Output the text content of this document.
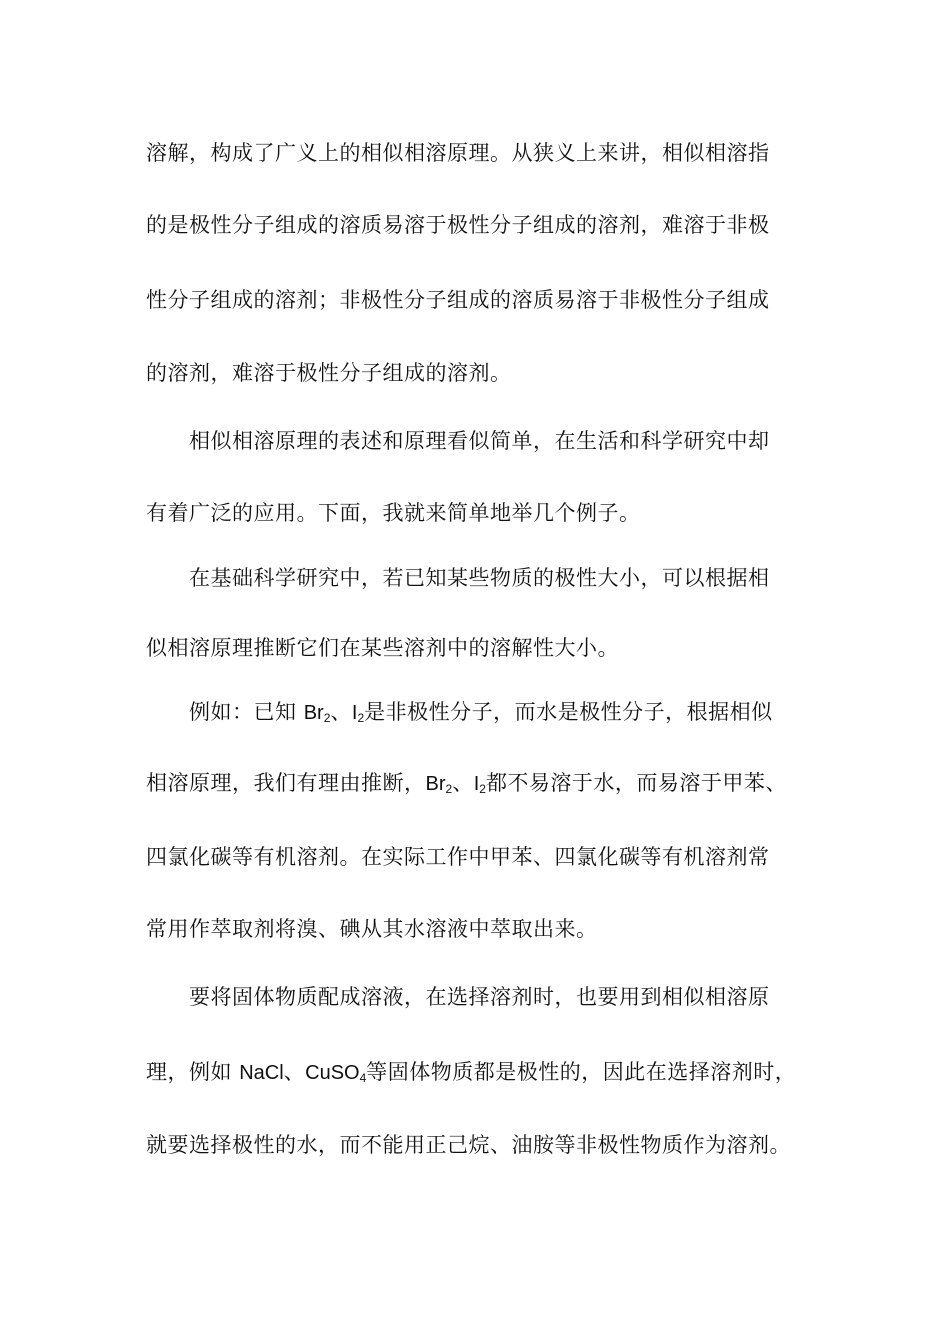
溶解，构成了广义上的相似相溶原理。从狭义上来讲，相似相溶指
的是极性分子组成的溶质易溶于极性分子组成的溶剂，难溶于非极
性分子组成的溶剂；非极性分子组成的溶质易溶于非极性分子组成
的溶剂，难溶于极性分子组成的溶剂。
相似相溶原理的表述和原理看似简单，在生活和科学研究中却
有着广泛的应用。下面，我就来简单地举几个例子。
在基础科学研究中，若已知某些物质的极性大小，可以根据相
似相溶原理推断它们在某些溶剂中的溶解性大小。
例如：已知 $Br_2$、$I_2$是非极性分子，而水是极性分子，根据相似
相溶原理，我们有理由推断，$Br_2$、$I_2$都不易溶于水，而易溶于甲苯、
四氯化碳等有机溶剂。在实际工作中甲苯、四氯化碳等有机溶剂常
常用作萃取剂将溴、碘从其水溶液中萃取出来。
要将固体物质配成溶液，在选择溶剂时，也要用到相似相溶原
理，例如 NaCl、CuSO$_4$等固体物质都是极性的，因此在选择溶剂时，
就要选择极性的水，而不能用正己烷、油胺等非极性物质作为溶剂。
